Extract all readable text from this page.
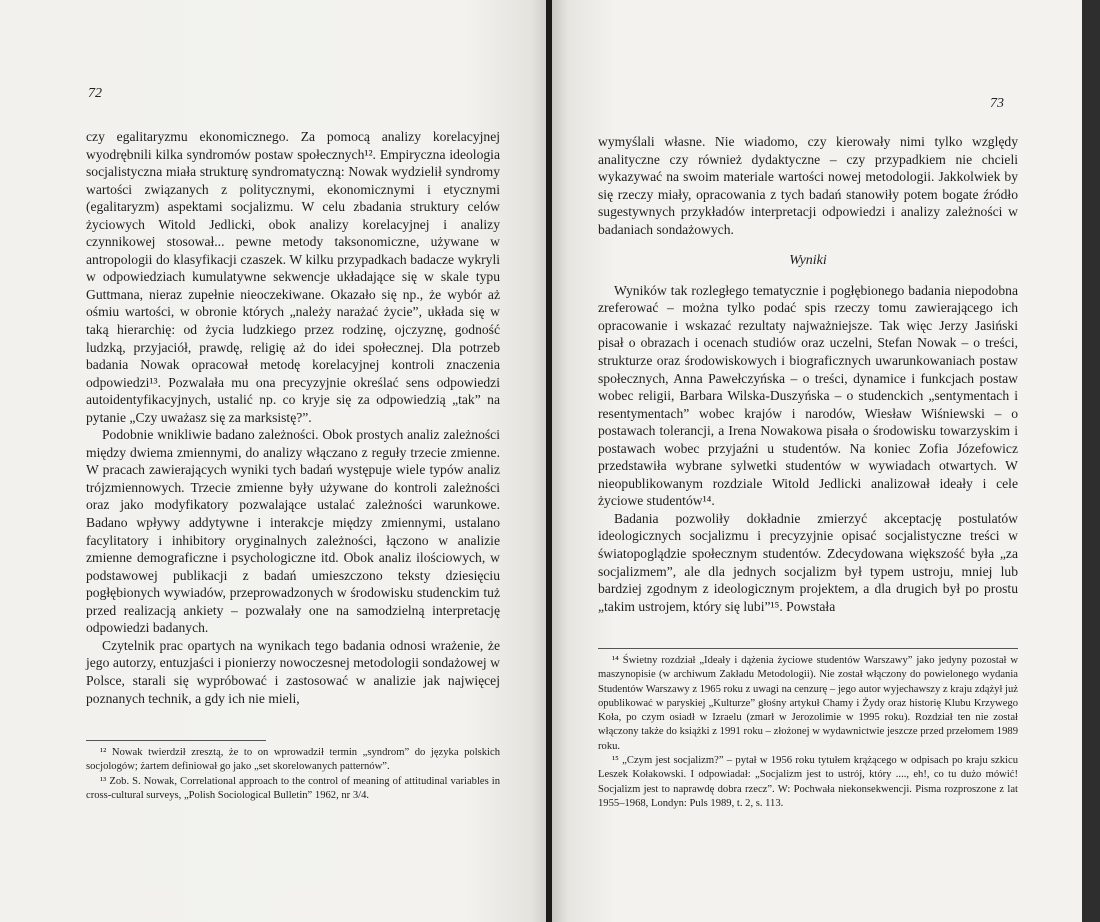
72

czy egalitaryzmu ekonomicznego. Za pomocą analizy korelacyjnej wyodrębnili kilka syndromów postaw społecznych¹². Empiryczna ideologia socjalistyczna miała strukturę syndromatyczną: Nowak wydzielił syndromy wartości związanych z politycznymi, ekonomicznymi i etycznymi (egalitaryzm) aspektami socjalizmu. W celu zbadania struktury celów życiowych Witold Jedlicki, obok analizy korelacyjnej i analizy czynnikowej stosował... pewne metody taksonomiczne, używane w antropologii do klasyfikacji czaszek. W kilku przypadkach badacze wykryli w odpowiedziach kumulatywne sekwencje układające się w skale typu Guttmana, nieraz zupełnie nieoczekiwane. Okazało się np., że wybór aż ośmiu wartości, w obronie których „należy narażać życie”, układa się w taką hierarchię: od życia ludzkiego przez rodzinę, ojczyznę, godność ludzką, przyjaciół, prawdę, religię aż do idei społecznej. Dla potrzeb badania Nowak opracował metodę korelacyjnej kontroli znaczenia odpowiedzi¹³. Pozwalała mu ona precyzyjnie określać sens odpowiedzi autoidentyfikacyjnych, ustalić np. co kryje się za odpowiedzią „tak” na pytanie „Czy uważasz się za marksistę?”.

Podobnie wnikliwie badano zależności. Obok prostych analiz zależności między dwiema zmiennymi, do analizy włączano z reguły trzecie zmienne. W pracach zawierających wyniki tych badań występuje wiele typów analiz trójzmiennowych. Trzecie zmienne były używane do kontroli zależności oraz jako modyfikatory pozwalające ustalać zależności warunkowe. Badano wpływy addytywne i interakcje między zmiennymi, ustalano facylitatory i inhibitory oryginalnych zależności, łączono w analizie zmienne demograficzne i psychologiczne itd. Obok analiz ilościowych, w podstawowej publikacji z badań umieszczono teksty dziesięciu pogłębionych wywiadów, przeprowadzonych w środowisku studenckim tuż przed realizacją ankiety – pozwalały one na samodzielną interpretację odpowiedzi badanych.

Czytelnik prac opartych na wynikach tego badania odnosi wrażenie, że jego autorzy, entuzjaści i pionierzy nowoczesnej metodologii sondażowej w Polsce, starali się wypróbować i zastosować w analizie jak najwięcej poznanych technik, a gdy ich nie mieli,

¹² Nowak twierdził zresztą, że to on wprowadził termin „syndrom” do języka polskich socjologów; żartem definiował go jako „set skorelowanych patternów”.

¹³ Zob. S. Nowak, Correlational approach to the control of meaning of attitudinal variables in cross-cultural surveys, „Polish Sociological Bulletin” 1962, nr 3/4.

73

wymyślali własne. Nie wiadomo, czy kierowały nimi tylko względy analityczne czy również dydaktyczne – czy przypadkiem nie chcieli wykazywać na swoim materiale wartości nowej metodologii. Jakkolwiek by się rzeczy miały, opracowania z tych badań stanowiły potem bogate źródło sugestywnych przykładów interpretacji odpowiedzi i analizy zależności w badaniach sondażowych.

Wyniki

Wyników tak rozległego tematycznie i pogłębionego badania niepodobna zreferować – można tylko podać spis rzeczy tomu zawierającego ich opracowanie i wskazać rezultaty najważniejsze. Tak więc Jerzy Jasiński pisał o obrazach i ocenach studiów oraz uczelni, Stefan Nowak – o treści, strukturze oraz środowiskowych i biograficznych uwarunkowaniach postaw społecznych, Anna Pawełczyńska – o treści, dynamice i funkcjach postaw wobec religii, Barbara Wilska-Duszyńska – o studenckich „sentymentach i resentymentach” wobec krajów i narodów, Wiesław Wiśniewski – o postawach tolerancji, a Irena Nowakowa pisała o środowisku towarzyskim i postawach wobec przyjaźni u studentów. Na koniec Zofia Józefowicz przedstawiła wybrane sylwetki studentów w wywiadach otwartych. W nieopublikowanym rozdziale Witold Jedlicki analizował ideały i cele życiowe studentów¹⁴.

Badania pozwoliły dokładnie zmierzyć akceptację postulatów ideologicznych socjalizmu i precyzyjnie opisać socjalistyczne treści w światopoglądzie społecznym studentów. Zdecydowana większość była „za socjalizmem”, ale dla jednych socjalizm był typem ustroju, mniej lub bardziej zgodnym z ideologicznym projektem, a dla drugich był po prostu „takim ustrojem, który się lubi”¹⁵. Powstała

¹⁴ Świetny rozdział „Ideały i dążenia życiowe studentów Warszawy” jako jedyny pozostał w maszynopisie (w archiwum Zakładu Metodologii). Nie został włączony do powielonego wydania Studentów Warszawy z 1965 roku z uwagi na cenzurę – jego autor wyjechawszy z kraju zdążył już opublikować w paryskiej „Kulturze” głośny artykuł Chamy i Żydy oraz historię Klubu Krzywego Koła, po czym osiadł w Izraelu (zmarł w Jerozolimie w 1995 roku). Rozdział ten nie został włączony także do książki z 1991 roku – złożonej w wydawnictwie jeszcze przed przełomem 1989 roku.

¹⁵ „Czym jest socjalizm?” – pytał w 1956 roku tytułem krążącego w odpisach po kraju szkicu Leszek Kołakowski. I odpowiadał: „Socjalizm jest to ustrój, który ...., eh!, co tu dużo mówić! Socjalizm jest to naprawdę dobra rzecz”. W: Pochwała niekonsekwencji. Pisma rozproszone z lat 1955–1968, Londyn: Puls 1989, t. 2, s. 113.
